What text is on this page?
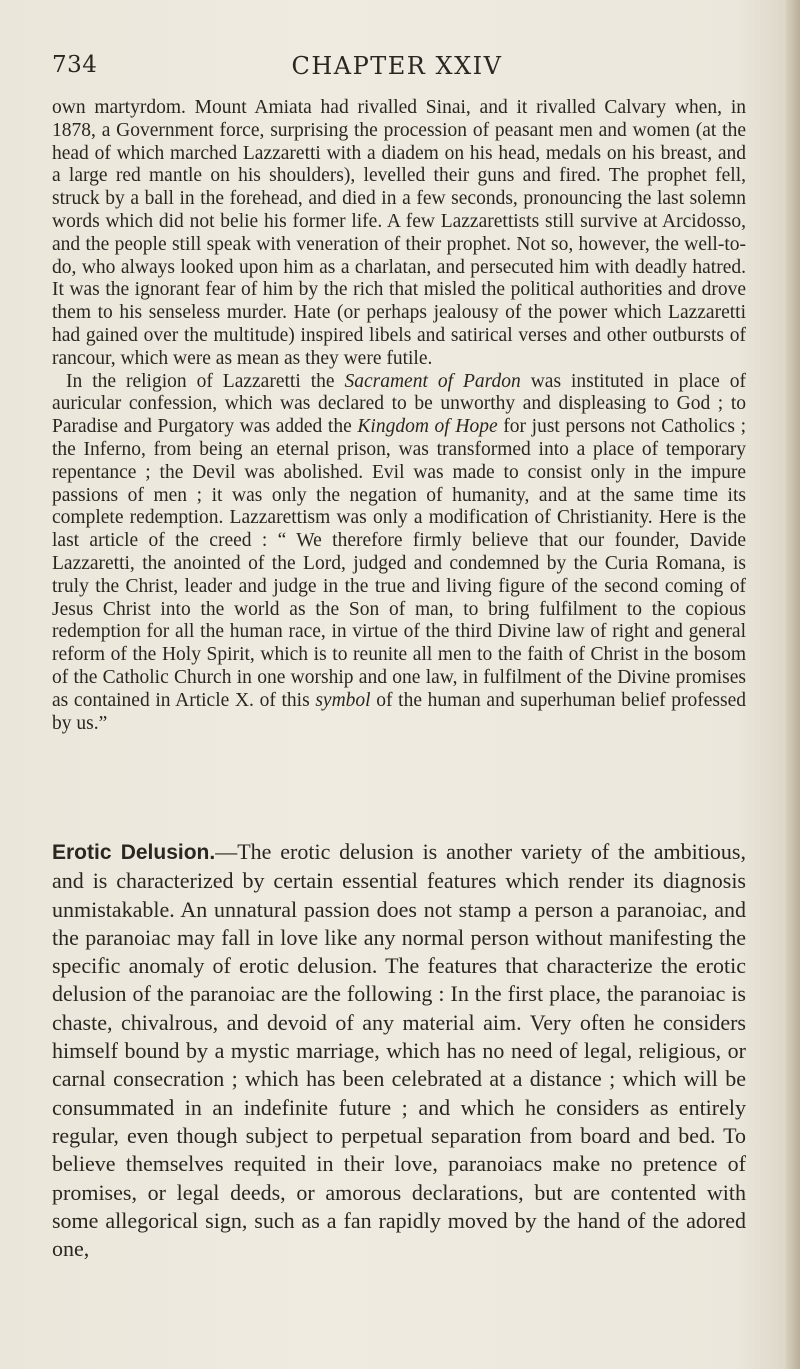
734	CHAPTER XXIV

own martyrdom. Mount Amiata had rivalled Sinai, and it rivalled Calvary when, in 1878, a Government force, surprising the procession of peasant men and women (at the head of which marched Lazzaretti with a diadem on his head, medals on his breast, and a large red mantle on his shoulders), levelled their guns and fired. The prophet fell, struck by a ball in the forehead, and died in a few seconds, pronouncing the last solemn words which did not belie his former life. A few Lazzarettists still survive at Arcidosso, and the people still speak with veneration of their prophet. Not so, however, the well-to-do, who always looked upon him as a charlatan, and persecuted him with deadly hatred. It was the ignorant fear of him by the rich that misled the political authorities and drove them to his senseless murder. Hate (or perhaps jealousy of the power which Lazzaretti had gained over the multitude) inspired libels and satirical verses and other outbursts of rancour, which were as mean as they were futile.

In the religion of Lazzaretti the Sacrament of Pardon was instituted in place of auricular confession, which was declared to be unworthy and displeasing to God ; to Paradise and Purgatory was added the Kingdom of Hope for just persons not Catholics ; the Inferno, from being an eternal prison, was transformed into a place of temporary repentance ; the Devil was abolished. Evil was made to consist only in the impure passions of men ; it was only the negation of humanity, and at the same time its complete redemption. Lazzarettism was only a modification of Christianity. Here is the last article of the creed : “ We therefore firmly believe that our founder, Davide Lazzaretti, the anointed of the Lord, judged and condemned by the Curia Romana, is truly the Christ, leader and judge in the true and living figure of the second coming of Jesus Christ into the world as the Son of man, to bring fulfilment to the copious redemption for all the human race, in virtue of the third Divine law of right and general reform of the Holy Spirit, which is to reunite all men to the faith of Christ in the bosom of the Catholic Church in one worship and one law, in fulfilment of the Divine promises as contained in Article X. of this symbol of the human and superhuman belief professed by us.”

Erotic Delusion.—The erotic delusion is another variety of the ambitious, and is characterized by certain essential features which render its diagnosis unmistakable. An unnatural passion does not stamp a person a paranoiac, and the paranoiac may fall in love like any normal person without manifesting the specific anomaly of erotic delusion. The features that characterize the erotic delusion of the paranoiac are the following : In the first place, the paranoiac is chaste, chivalrous, and devoid of any material aim. Very often he considers himself bound by a mystic marriage, which has no need of legal, religious, or carnal consecration ; which has been celebrated at a distance ; which will be consummated in an indefinite future ; and which he considers as entirely regular, even though subject to perpetual separation from board and bed. To believe themselves requited in their love, paranoiacs make no pretence of promises, or legal deeds, or amorous declarations, but are contented with some allegorical sign, such as a fan rapidly moved by the hand of the adored one,
